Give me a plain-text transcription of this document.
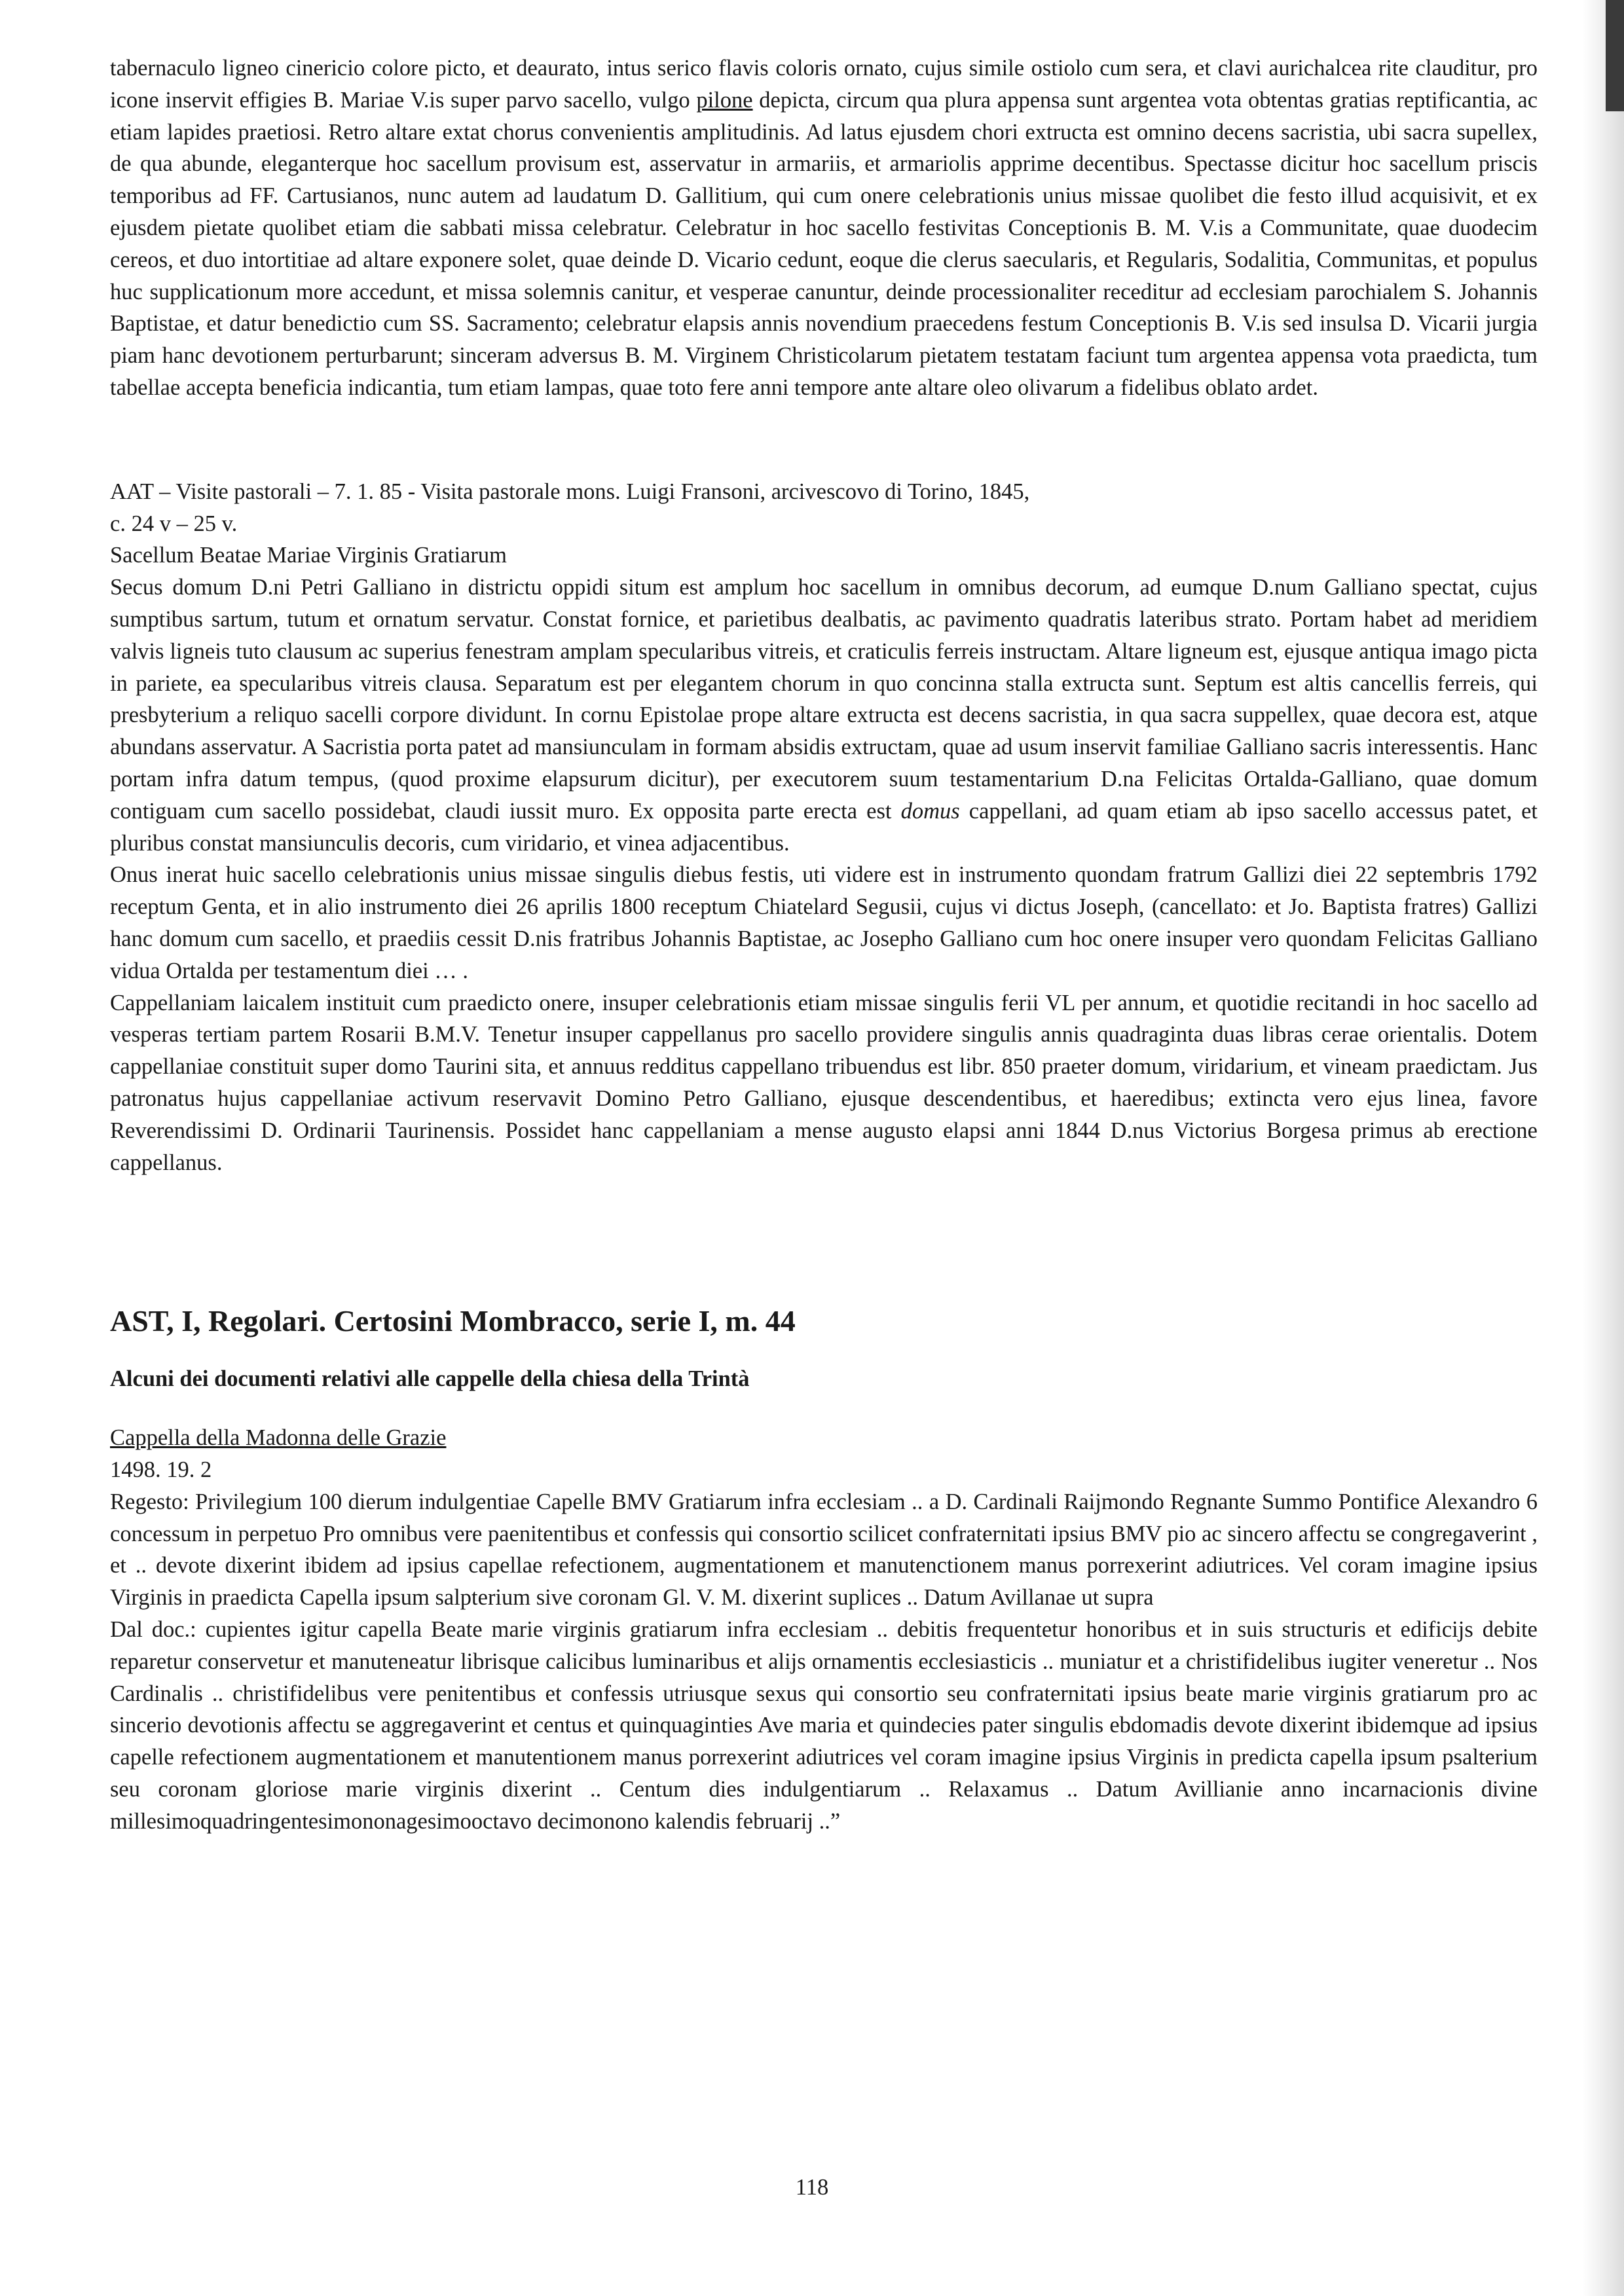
tabernaculo ligneo cinericio colore picto, et deaurato, intus serico flavis coloris ornato, cujus simile ostiolo cum sera, et clavi aurichalcea rite clauditur, pro icone inservit effigies B. Mariae V.is super parvo sacello, vulgo pilone depicta, circum qua plura appensa sunt argentea vota obtentas gratias reptificantia, ac etiam lapides praetiosi. Retro altare extat chorus convenientis amplitudinis. Ad latus ejusdem chori extructa est omnino decens sacristia, ubi sacra supellex, de qua abunde, eleganterque hoc sacellum provisum est, asservatur in armariis, et armariolis apprime decentibus. Spectasse dicitur hoc sacellum priscis temporibus ad FF. Cartusianos, nunc autem ad laudatum D. Gallitium, qui cum onere celebrationis unius missae quolibet die festo illud acquisivit, et ex ejusdem pietate quolibet etiam die sabbati missa celebratur. Celebratur in hoc sacello festivitas Conceptionis B. M. V.is a Communitate, quae duodecim cereos, et duo intortitiae ad altare exponere solet, quae deinde D. Vicario cedunt, eoque die clerus saecularis, et Regularis, Sodalitia, Communitas, et populus huc supplicationum more accedunt, et missa solemnis canitur, et vesperae canuntur, deinde processionaliter receditur ad ecclesiam parochialem S. Johannis Baptistae, et datur benedictio cum SS. Sacramento; celebratur elapsis annis novendium praecedens festum Conceptionis B. V.is sed insulsa D. Vicarii jurgia piam hanc devotionem perturbarunt; sinceram adversus B. M. Virginem Christicolarum pietatem testatam faciunt tum argentea appensa vota praedicta, tum tabellae accepta beneficia indicantia, tum etiam lampas, quae toto fere anni tempore ante altare oleo olivarum a fidelibus oblato ardet.

AAT – Visite pastorali – 7. 1. 85 - Visita pastorale mons. Luigi Fransoni, arcivescovo di Torino, 1845,

c. 24 v – 25 v.

Sacellum Beatae Mariae Virginis Gratiarum

Secus domum D.ni Petri Galliano in districtu oppidi situm est amplum hoc sacellum in omnibus decorum, ad eumque D.num Galliano spectat, cujus sumptibus sartum, tutum et ornatum servatur. Constat fornice, et parietibus dealbatis, ac pavimento quadratis lateribus strato. Portam habet ad meridiem valvis ligneis tuto clausum ac superius fenestram amplam specularibus vitreis, et craticulis ferreis instructam. Altare ligneum est, ejusque antiqua imago picta in pariete, ea specularibus vitreis clausa. Separatum est per elegantem chorum in quo concinna stalla extructa sunt. Septum est altis cancellis ferreis, qui presbyterium a reliquo sacelli corpore dividunt. In cornu Epistolae prope altare extructa est decens sacristia, in qua sacra suppellex, quae decora est, atque abundans asservatur. A Sacristia porta patet ad mansiunculam in formam absidis extructam, quae ad usum inservit familiae Galliano sacris interessentis. Hanc portam infra datum tempus, (quod proxime elapsurum dicitur), per executorem suum testamentarium D.na Felicitas Ortalda-Galliano, quae domum contiguam cum sacello possidebat, claudi iussit muro. Ex opposita parte erecta est domus cappellani, ad quam etiam ab ipso sacello accessus patet, et pluribus constat mansiunculis decoris, cum viridario, et vinea adjacentibus.

Onus inerat huic sacello celebrationis unius missae singulis diebus festis, uti videre est in instrumento quondam fratrum Gallizi diei 22 septembris 1792 receptum Genta, et in alio instrumento diei 26 aprilis 1800 receptum Chiatelard Segusii, cujus vi dictus Joseph, (cancellato: et Jo. Baptista fratres) Gallizi hanc domum cum sacello, et praediis cessit D.nis fratribus Johannis Baptistae, ac Josepho Galliano cum hoc onere insuper vero quondam Felicitas Galliano vidua Ortalda per testamentum diei … .

Cappellaniam laicalem instituit cum praedicto onere, insuper celebrationis etiam missae singulis ferii VL per annum, et quotidie recitandi in hoc sacello ad vesperas tertiam partem Rosarii B.M.V. Tenetur insuper cappellanus pro sacello providere singulis annis quadraginta duas libras cerae orientalis. Dotem cappellaniae constituit super domo Taurini sita, et annuus redditus cappellano tribuendus est libr. 850 praeter domum, viridarium, et vineam praedictam. Jus patronatus hujus cappellaniae activum reservavit Domino Petro Galliano, ejusque descendentibus, et haeredibus; extincta vero ejus linea, favore Reverendissimi D. Ordinarii Taurinensis. Possidet hanc cappellaniam a mense augusto elapsi anni 1844 D.nus Victorius Borgesa primus ab erectione cappellanus.

AST, I, Regolari. Certosini Mombracco, serie I, m. 44
Alcuni dei documenti relativi alle cappelle della chiesa della Trintà

Cappella della Madonna delle Grazie

1498. 19. 2

Regesto: Privilegium 100 dierum indulgentiae Capelle BMV Gratiarum infra ecclesiam .. a D. Cardinali Raijmondo Regnante Summo Pontifice Alexandro 6 concessum in perpetuo Pro omnibus vere paenitentibus et confessis qui consortio scilicet confraternitati ipsius BMV pio ac sincero affectu se congregaverint , et .. devote dixerint ibidem ad ipsius capellae refectionem, augmentationem et manutenctionem manus porrexerint adiutrices. Vel coram imagine ipsius Virginis in praedicta Capella ipsum salpterium sive coronam Gl. V. M. dixerint suplices .. Datum Avillanae ut supra

Dal doc.: cupientes igitur capella Beate marie virginis gratiarum infra ecclesiam .. debitis frequentetur honoribus et in suis structuris et edificijs debite reparetur conservetur et manuteneatur librisque calicibus luminaribus et alijs ornamentis ecclesiasticis .. muniatur et a christifidelibus iugiter veneretur .. Nos Cardinalis .. christifidelibus vere penitentibus et confessis utriusque sexus qui consortio seu confraternitati ipsius beate marie virginis gratiarum pro ac sincerio devotionis affectu se aggregaverint et centus et quinquaginties Ave maria et quindecies pater singulis ebdomadis devote dixerint ibidemque ad ipsius capelle refectionem augmentationem et manutentionem manus porrexerint adiutrices vel coram imagine ipsius Virginis in predicta capella ipsum psalterium seu coronam gloriose marie virginis dixerint .. Centum dies indulgentiarum .. Relaxamus .. Datum Avillianie anno incarnacionis divine millesimoquadringentesimononagesimooctavo decimonono kalendis februarij ..”

118
